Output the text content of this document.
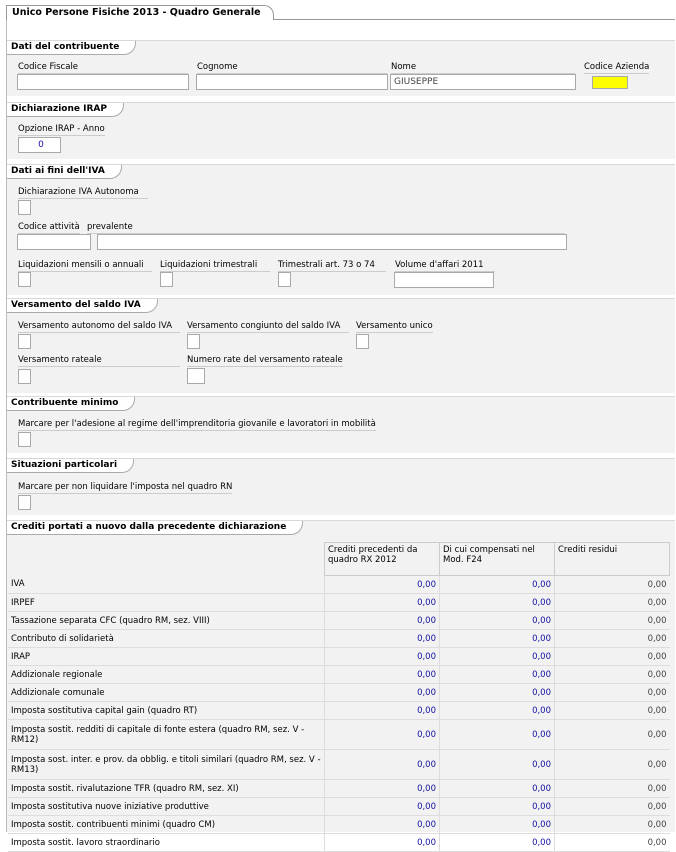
Unico Persone Fisiche 2013 - Quadro Generale
Dati del contribuente
Codice Fiscale	Cognome	Nome
GIUSEPPE
Codice Azienda
Dichiarazione IRAP
Opzione IRAP - Anno
0
Dati ai fini dell'IVA
Dichiarazione IVA Autonoma
Codice attività prevalente
Liquidazioni mensili o annuali	Liquidazioni trimestrali	Trimestrali art. 73 o 74	Volume d'affari 2011
Versamento del saldo IVA
Versamento autonomo del saldo IVA	Versamento congiunto del saldo IVA	Versamento unico
Versamento rateale	Numero rate del versamento rateale
Contribuente minimo
Marcare per l'adesione al regime dell'imprenditoria giovanile e lavoratori in mobilità
Situazioni particolari
Marcare per non liquidare l'imposta nel quadro RN
Crediti portati a nuovo dalla precedente dichiarazione
	Crediti precedenti da quadro RX 2012	Di cui compensati nel Mod. F24	Crediti residui
IVA	0,00	0,00	0,00
IRPEF	0,00	0,00	0,00
Tassazione separata CFC (quadro RM, sez. VIII)	0,00	0,00	0,00
Contributo di solidarietà	0,00	0,00	0,00
IRAP	0,00	0,00	0,00
Addizionale regionale	0,00	0,00	0,00
Addizionale comunale	0,00	0,00	0,00
Imposta sostitutiva capital gain (quadro RT)	0,00	0,00	0,00
Imposta sostit. redditi di capitale di fonte estera (quadro RM, sez. V - RM12)	0,00	0,00	0,00
Imposta sost. inter. e prov. da obblig. e titoli similari (quadro RM, sez. V - RM13)	0,00	0,00	0,00
Imposta sostit. rivalutazione TFR (quadro RM, sez. XI)	0,00	0,00	0,00
Imposta sostitutiva nuove iniziative produttive	0,00	0,00	0,00
Imposta sostit. contribuenti minimi (quadro CM)	0,00	0,00	0,00
Imposta sostit. lavoro straordinario	0,00	0,00	0,00
